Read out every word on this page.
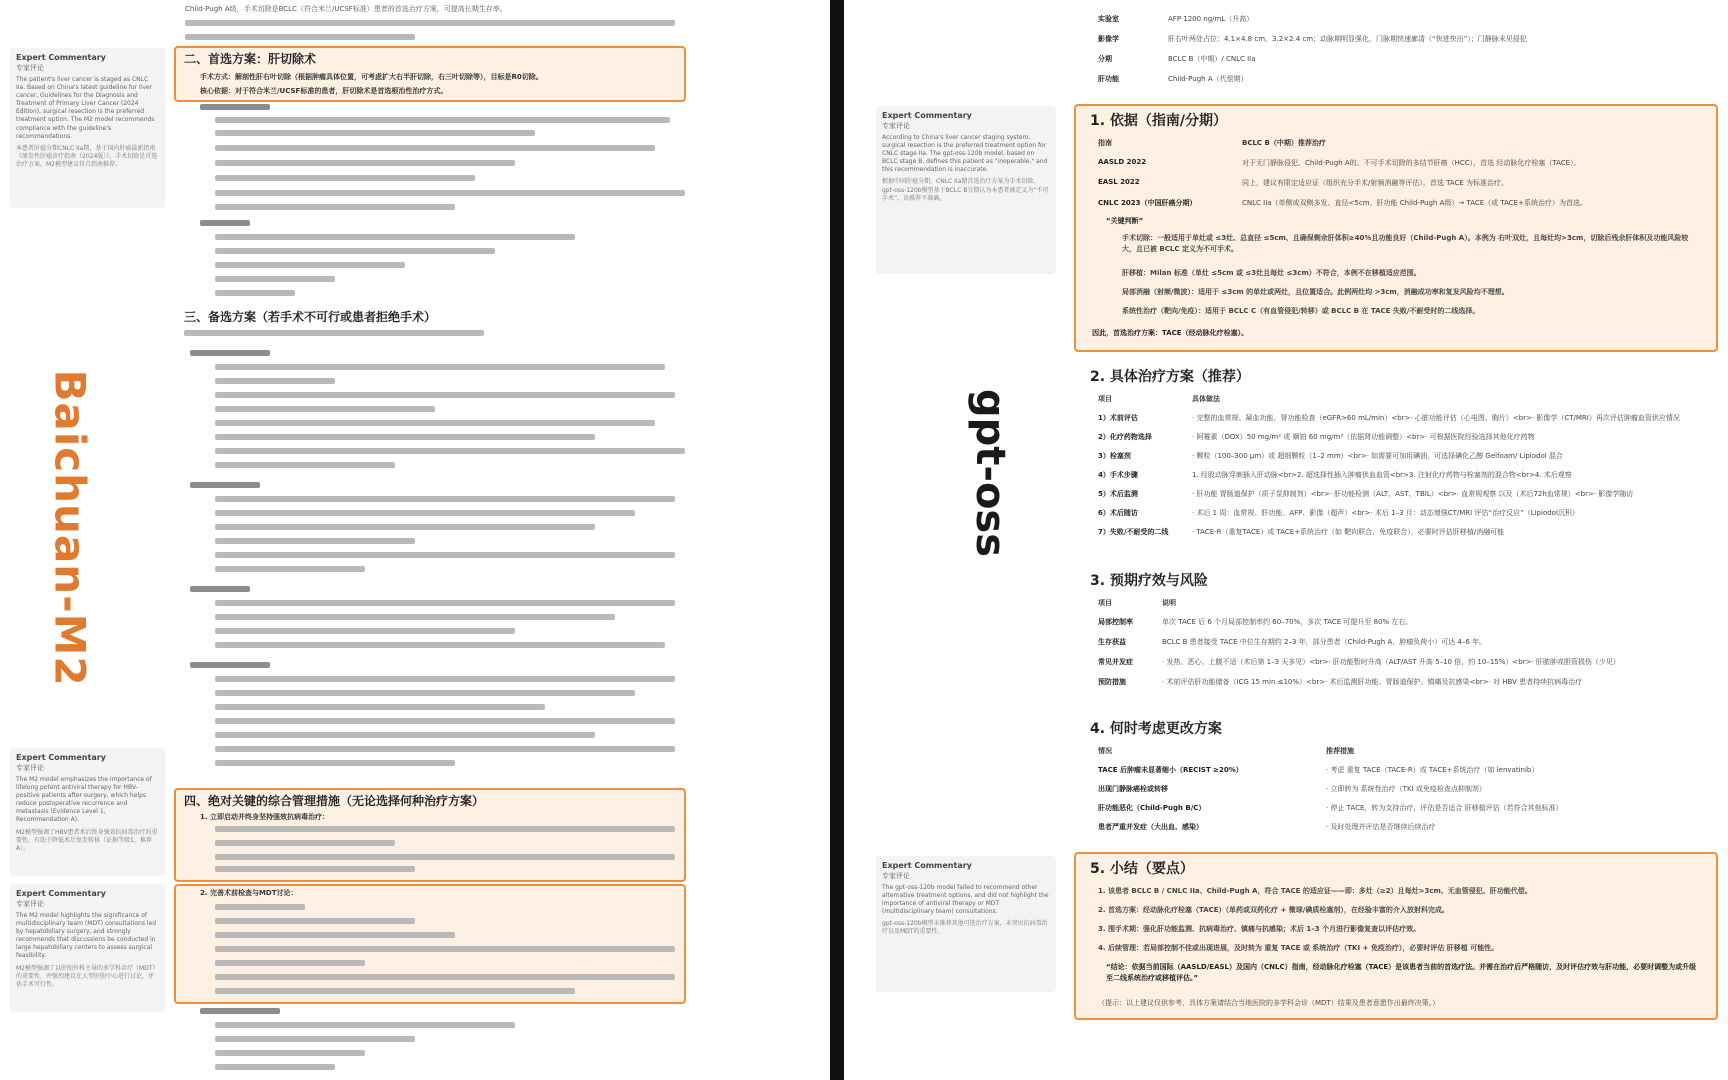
Child-Pugh A级，手术切除是BCLC（符合米兰/UCSF标准）患者的首选治疗方案，可提高长期生存率。
Expert Commentary
专家评论
The patient's liver cancer is staged as CNLC IIa. Based on China's latest guideline for liver cancer, Guidelines for the Diagnosis and Treatment of Primary Liver Cancer (2024 Edition), surgical resection is the preferred treatment option. The M2 model recommends compliance with the guideline's recommendations.
本患者肝癌分期CNLC IIa期，基于国内肝癌最新指南《原发性肝癌诊疗指南（2024版）》，手术切除是首选治疗方案，M2模型建议符合指南推荐。
二、首选方案：肝切除术
手术方式：解剖性肝右叶切除（根据肿瘤具体位置，可考虑扩大右半肝切除，右三叶切除等），目标是R0切除。
核心依据：对于符合米兰/UCSF标准的患者，肝切除术是首选根治性治疗方式。
三、备选方案（若手术不可行或患者拒绝手术）
Expert Commentary
专家评论
The M2 model emphasizes the importance of lifelong potent antiviral therapy for HBV-positive patients after surgery, which helps reduce postoperative recurrence and metastasis (Evidence Level 1, Recommendation A).
M2模型强调了HBV患者术后终身强效抗病毒治疗的重要性，有助于降低术后复发转移（证据等级1，推荐A）。
四、绝对关键的综合管理措施（无论选择何种治疗方案）
1. 立即启动并终身坚持强效抗病毒治疗：
Expert Commentary
专家评论
The M2 model highlights the significance of multidisciplinary team (MDT) consultations led by hepatobiliary surgery, and strongly recommends that discussions be conducted in large hepatobiliary centers to assess surgical feasibility.
M2模型强调了以肝胆外科主导的多学科诊疗（MDT）的重要性，并强烈建议在大型肝胆中心进行讨论，评估手术可行性。
2. 完善术前检查与MDT讨论：
实验室	AFP 1200 ng/mL（升高）
影像学	肝右叶两处占位：4.1×4.8 cm，3.2×2.4 cm；动脉期明显强化，门脉期快速廓清（“快进快出”）；门静脉未见侵犯
分期	BCLC B（中期）/ CNLC IIa
肝功能	Child-Pugh A（代偿期）
Expert Commentary
专家评论
According to China's liver cancer staging system, surgical resection is the preferred treatment option for CNLC stage IIa. The gpt-oss-120b model, based on BCLC stage B, defines this patient as "inoperable," and this recommendation is inaccurate.
根据中国肝癌分期，CNLC IIa期首选治疗方案为手术切除。gpt-oss-120b模型基于BCLC B分期认为本患者被定义为“不可手术”，该推荐不准确。
1. 依据（指南/分期）
指南	BCLC B（中期）推荐治疗
AASLD 2022	对于无门静脉侵犯、Child-Pugh A的、不可手术切除的多结节肝癌（HCC），首选 经动脉化疗栓塞（TACE）。
EASL 2022	同上，建议有限定适应证（组织充分手术/射频消融等评估），首选 TACE 为标准治疗。
CNLC 2023（中国肝癌分期）	CNLC IIa（单侧或双侧多发、直径<5cm、肝功能 Child-Pugh A级）→ TACE（或 TACE+系统治疗）为首选。
“关键判断”
手术切除：一般适用于单灶或 ≤3灶、总直径 ≤5cm、且确保剩余肝体积≥40%且功能良好（Child-Pugh A）。本例为 右叶双灶，且每灶均>3cm，切除后残余肝体积及功能风险较大，且已被 BCLC 定义为不可手术。
肝移植：Milan 标准（单灶 ≤5cm 或 ≤3灶且每灶 ≤3cm）不符合，本例不在移植适应范围。
局部消融（射频/微波）：适用于 ≤3cm 的单灶或两灶，且位置适合。此例两灶均 >3cm，消融成功率和复发风险均不理想。
系统性治疗（靶向/免疫）：适用于 BCLC C（有血管侵犯/转移）或 BCLC B 在 TACE 失败/不耐受时的二线选择。
因此，首选治疗方案：TACE（经动脉化疗栓塞）。
2. 具体治疗方案（推荐）
项目	具体做法
1）术前评估	· 完整的血常规、凝血功能、肾功能检查（eGFR>60 mL/min）<br>· 心脏功能评估（心电图、胸片）<br>· 影像学（CT/MRI）再次评估肿瘤血管供应情况
2）化疗药物选择	· 阿霉素（DOX）50 mg/m² 或 顺铂 60 mg/m²（依据肾功能调整）<br>· 可根据医院经验选择其他化疗药物
3）栓塞剂	· 颗粒（100–300 μm）或 超细颗粒（1–2 mm）<br>· 如需要可加用碘油，可选择碘化乙醇 Gelfoam/ Lipiodol 混合
4）手术步骤	1. 经股动脉穿刺插入肝动脉<br>2. 超选择性插入肿瘤供血血管<br>3. 注射化疗药物与栓塞剂的混合物<br>4. 术后观察
5）术后监测	· 肝功能 胃肠道保护（质子泵抑制剂）<br>· 肝功能检测（ALT、AST、TBIL）<br>· 血常规观察 以及（术后72h血常规）<br>· 影像学随访
6）术后随访	· 术后 1 周：血常规、肝功能、AFP、影像（超声）<br>· 术后 1–3 月：动态增强CT/MRI 评估“治疗反应”（Lipiodol沉积）
7）失败/不耐受的二线	· TACE-R（重复TACE）或 TACE+系统治疗（如 靶向联合、免疫联合），必要时评估肝移植/消融可能
3. 预期疗效与风险
项目	说明
局部控制率	单次 TACE 后 6 个月局部控制率约 60–70%，多次 TACE 可提升至 80% 左右。
生存获益	BCLC B 患者接受 TACE 中位生存期约 2–3 年，部分患者（Child-Pugh A，肿瘤负荷小）可达 4–6 年。
常见并发症	· 发热、恶心、上腹不适（术后第 1–3 天多见）<br>· 肝功能暂时升高（ALT/AST 升高 5–10 倍，约 10–15%）<br>· 肝脓肿或胆管损伤（少见）
预防措施	· 术前评估肝功能储备（ICG 15 min ≤10%）<br>· 术后监测肝功能、胃肠道保护、镇痛及抗感染<br>· 对 HBV 患者持续抗病毒治疗
4. 何时考虑更改方案
情况	推荐措施
TACE 后肿瘤未显著缩小（RECIST ≥20%）	· 考虑 重复 TACE（TACE-R）或 TACE+系统治疗（如 lenvatinib）
出现门静脉癌栓或转移	· 立即转为 系统性治疗（TKI 或免疫检查点抑制剂）
肝功能恶化（Child-Pugh B/C）	· 停止 TACE，转为支持治疗，评估是否适合 肝移植评估（若符合其他标准）
患者严重并发症（大出血、感染）	· 及时处理并评估是否继续后续治疗
Expert Commentary
专家评论
The gpt-oss-120b model failed to recommend other alternative treatment options, and did not highlight the importance of antiviral therapy or MDT (multidisciplinary team) consultations.
gpt-oss-120b模型未推荐其他可选治疗方案，未突出抗病毒治疗以及MDT的重要性。
5. 小结（要点）
1. 该患者 BCLC B / CNLC IIa、Child-Pugh A，符合 TACE 的适应证——即：多灶（≥2）且每灶>3cm、无血管侵犯、肝功能代偿。
2. 首选方案：经动脉化疗栓塞（TACE）（单药或双药化疗 + 微球/碘质栓塞剂），在经验丰富的介入放射科完成。
3. 围手术期：强化肝功能监测、抗病毒治疗、镇痛与抗感染；术后 1–3 个月进行影像复查以评估疗效。
4. 后续管理：若局部控制不佳或出现进展，及时转为 重复 TACE 或 系统治疗（TKI + 免疫治疗），必要时评估 肝移植 可能性。
“结论：依据当前国际（AASLD/EASL）及国内（CNLC）指南，经动脉化疗栓塞（TACE）是该患者当前的首选疗法。并需在治疗后严格随访，及时评估疗效与肝功能，必要时调整为或升级至二线系统治疗或移植评估。”
（提示：以上建议仅供参考，具体方案请结合当地医院的多学科会诊（MDT）结果及患者意愿作出最终决策。）
Baichuan-M2	gpt-oss
